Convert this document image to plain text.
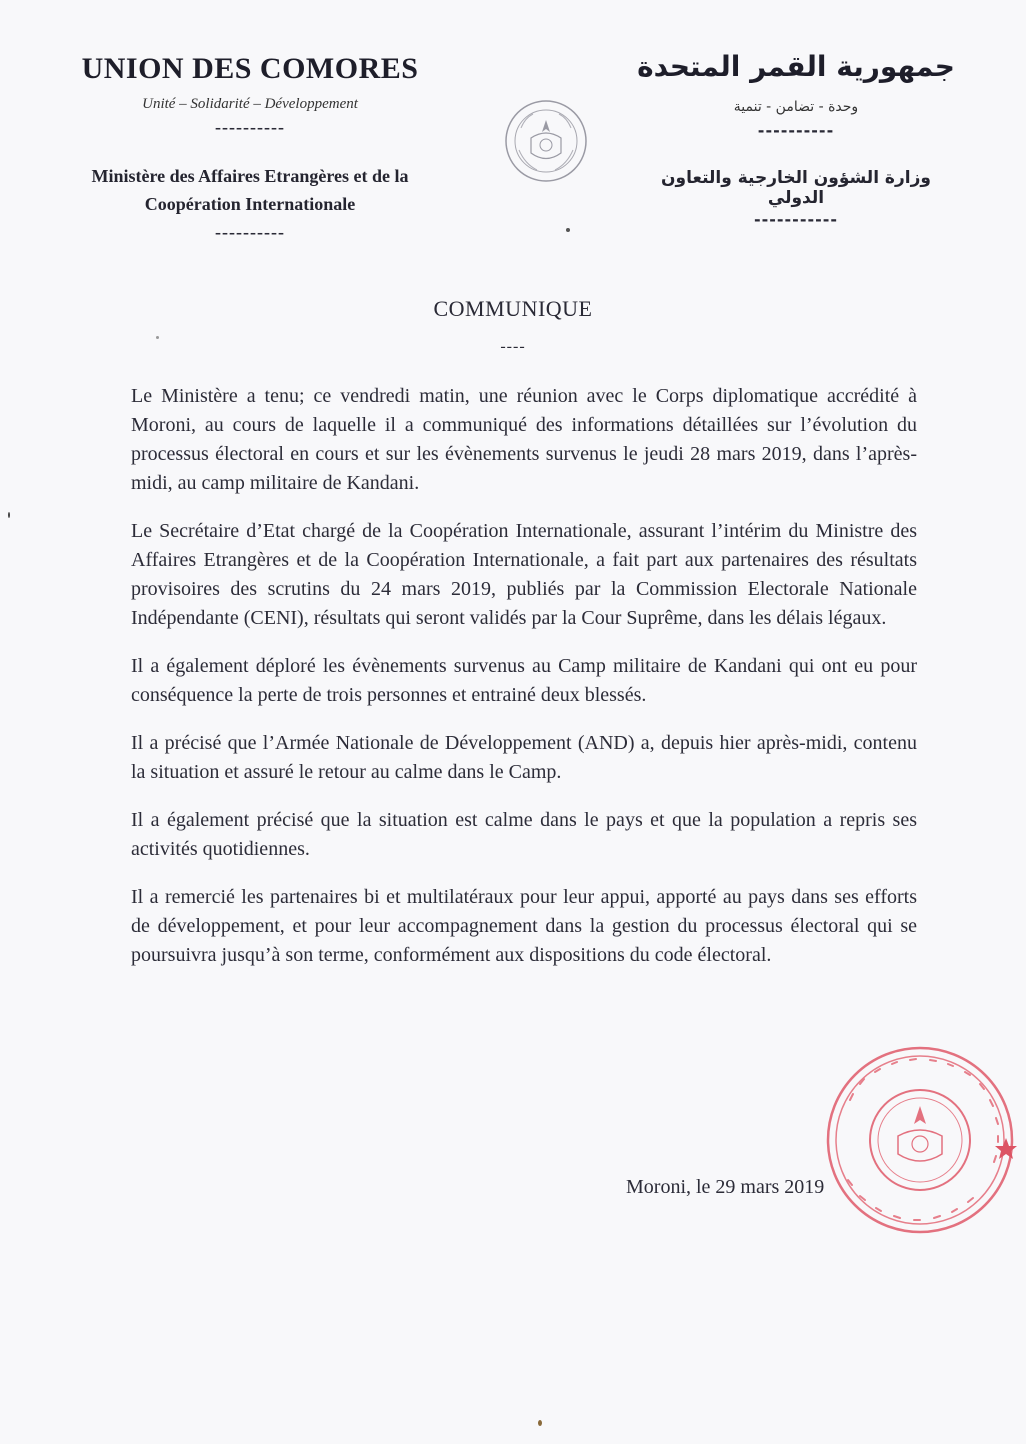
UNION DES COMORES
Unité – Solidarité – Développement
----------
Ministère des Affaires Etrangères et de la
Coopération Internationale
----------
جمهورية القمر المتحدة
وحدة - تضامن - تنمية
----------
وزارة الشؤون الخارجية والتعاون الدولي
-----------
COMMUNIQUE
----

Le Ministère a tenu; ce vendredi matin, une réunion avec le Corps diplomatique accrédité à Moroni, au cours de laquelle il a communiqué des informations détaillées sur l’évolution du processus électoral en cours et sur les évènements survenus le jeudi 28 mars 2019, dans l’après-midi, au camp militaire de Kandani.

Le Secrétaire d’Etat chargé de la Coopération Internationale, assurant l’intérim du Ministre des Affaires Etrangères et de la Coopération Internationale, a fait part aux partenaires des résultats provisoires des scrutins du 24 mars 2019, publiés par la Commission Electorale Nationale Indépendante (CENI), résultats qui seront validés par la Cour Suprême, dans les délais légaux.

Il a également déploré les évènements survenus au Camp militaire de Kandani qui ont eu pour conséquence la perte de trois personnes et entrainé deux blessés.

Il a précisé que l’Armée Nationale de Développement (AND) a, depuis hier après-midi, contenu la situation et assuré le retour au calme dans le Camp.

Il a également précisé que la situation est calme dans le pays et que la population a repris ses activités quotidiennes.

Il a remercié les partenaires bi et multilatéraux pour leur appui, apporté au pays dans ses efforts de développement, et pour leur accompagnement dans la gestion du processus électoral qui se poursuivra jusqu’à son terme, conformément aux dispositions du code électoral.

Moroni, le 29 mars 2019
